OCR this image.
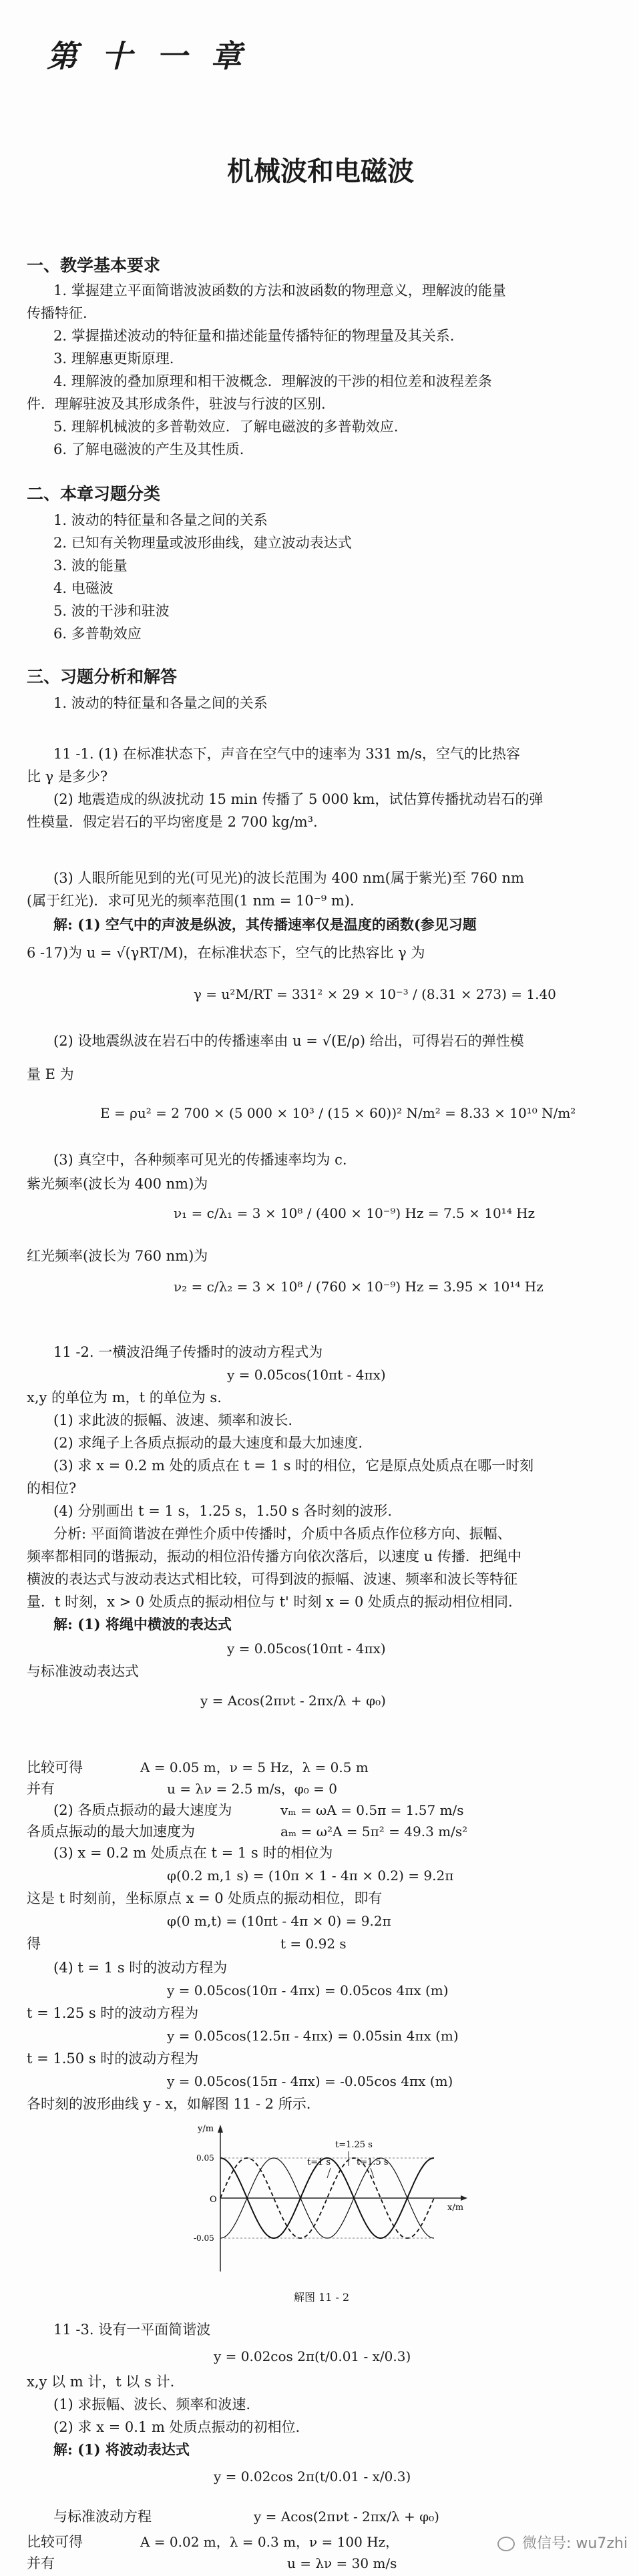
第 十 一 章
机械波和电磁波
一、教学基本要求
1. 掌握建立平面简谐波波函数的方法和波函数的物理意义，理解波的能量
传播特征.
2. 掌握描述波动的特征量和描述能量传播特征的物理量及其关系.
3. 理解惠更斯原理.
4. 理解波的叠加原理和相干波概念．理解波的干涉的相位差和波程差条
件．理解驻波及其形成条件，驻波与行波的区别.
5. 理解机械波的多普勒效应．了解电磁波的多普勒效应.
6. 了解电磁波的产生及其性质.
二、本章习题分类
1. 波动的特征量和各量之间的关系
2. 已知有关物理量或波形曲线，建立波动表达式
3. 波的能量
4. 电磁波
5. 波的干涉和驻波
6. 多普勒效应
三、习题分析和解答
1. 波动的特征量和各量之间的关系
11 -1. (1) 在标准状态下，声音在空气中的速率为 331 m/s，空气的比热容
比 γ 是多少?
(2) 地震造成的纵波扰动 15 min 传播了 5 000 km，试估算传播扰动岩石的弹
性模量．假定岩石的平均密度是 2 700 kg/m³.
(3) 人眼所能见到的光(可见光)的波长范围为 400 nm(属于紫光)至 760 nm
(属于红光)．求可见光的频率范围(1 nm = 10⁻⁹ m).
解: (1) 空气中的声波是纵波，其传播速率仅是温度的函数(参见习题
6 -17)为 u = √(γRT/M)，在标准状态下，空气的比热容比 γ 为
γ = u²M/RT = 331² × 29 × 10⁻³ / (8.31 × 273) = 1.40
(2) 设地震纵波在岩石中的传播速率由 u = √(E/ρ) 给出，可得岩石的弹性模
量 E 为
E = ρu² = 2 700 × (5 000 × 10³ / (15 × 60))² N/m² = 8.33 × 10¹⁰ N/m²
(3) 真空中，各种频率可见光的传播速率均为 c.
紫光频率(波长为 400 nm)为
ν₁ = c/λ₁ = 3 × 10⁸ / (400 × 10⁻⁹) Hz = 7.5 × 10¹⁴ Hz
红光频率(波长为 760 nm)为
ν₂ = c/λ₂ = 3 × 10⁸ / (760 × 10⁻⁹) Hz = 3.95 × 10¹⁴ Hz
11 -2. 一横波沿绳子传播时的波动方程式为
y = 0.05cos(10πt - 4πx)
x,y 的单位为 m，t 的单位为 s.
(1) 求此波的振幅、波速、频率和波长.
(2) 求绳子上各质点振动的最大速度和最大加速度.
(3) 求 x = 0.2 m 处的质点在 t = 1 s 时的相位，它是原点处质点在哪一时刻
的相位?
(4) 分别画出 t = 1 s，1.25 s，1.50 s 各时刻的波形.
分析: 平面简谐波在弹性介质中传播时，介质中各质点作位移方向、振幅、
频率都相同的谐振动，振动的相位沿传播方向依次落后，以速度 u 传播．把绳中
横波的表达式与波动表达式相比较，可得到波的振幅、波速、频率和波长等特征
量．t 时刻，x > 0 处质点的振动相位与 t' 时刻 x = 0 处质点的振动相位相同.
解: (1) 将绳中横波的表达式
y = 0.05cos(10πt - 4πx)
与标准波动表达式
y = Acos(2πνt - 2πx/λ + φ₀)
比较可得	A = 0.05 m，ν = 5 Hz，λ = 0.5 m
并有	u = λν = 2.5 m/s，φ₀ = 0
(2) 各质点振动的最大速度为	vₘ = ωA = 0.5π = 1.57 m/s
各质点振动的最大加速度为	aₘ = ω²A = 5π² = 49.3 m/s²
(3) x = 0.2 m 处质点在 t = 1 s 时的相位为
φ(0.2 m,1 s) = (10π × 1 - 4π × 0.2) = 9.2π
这是 t 时刻前，坐标原点 x = 0 处质点的振动相位，即有
φ(0 m,t) = (10πt - 4π × 0) = 9.2π
得	t = 0.92 s
(4) t = 1 s 时的波动方程为
y = 0.05cos(10π - 4πx) = 0.05cos 4πx (m)
t = 1.25 s 时的波动方程为
y = 0.05cos(12.5π - 4πx) = 0.05sin 4πx (m)
t = 1.50 s 时的波动方程为
y = 0.05cos(15π - 4πx) = -0.05cos 4πx (m)
各时刻的波形曲线 y - x，如解图 11 - 2 所示.
t=1.25 s
t=1 s	t=1.5 s
y/m
x/m
O
0.05
-0.05
解图 11 - 2
11 -3. 设有一平面简谐波
y = 0.02cos 2π(t/0.01 - x/0.3)
x,y 以 m 计，t 以 s 计.
(1) 求振幅、波长、频率和波速.
(2) 求 x = 0.1 m 处质点振动的初相位.
解: (1) 将波动表达式
y = 0.02cos 2π(t/0.01 - x/0.3)
与标准波动方程	y = Acos(2πνt - 2πx/λ + φ₀)
比较可得	A = 0.02 m，λ = 0.3 m，ν = 100 Hz，
并有	u = λν = 30 m/s
微信号: wu7zhi
